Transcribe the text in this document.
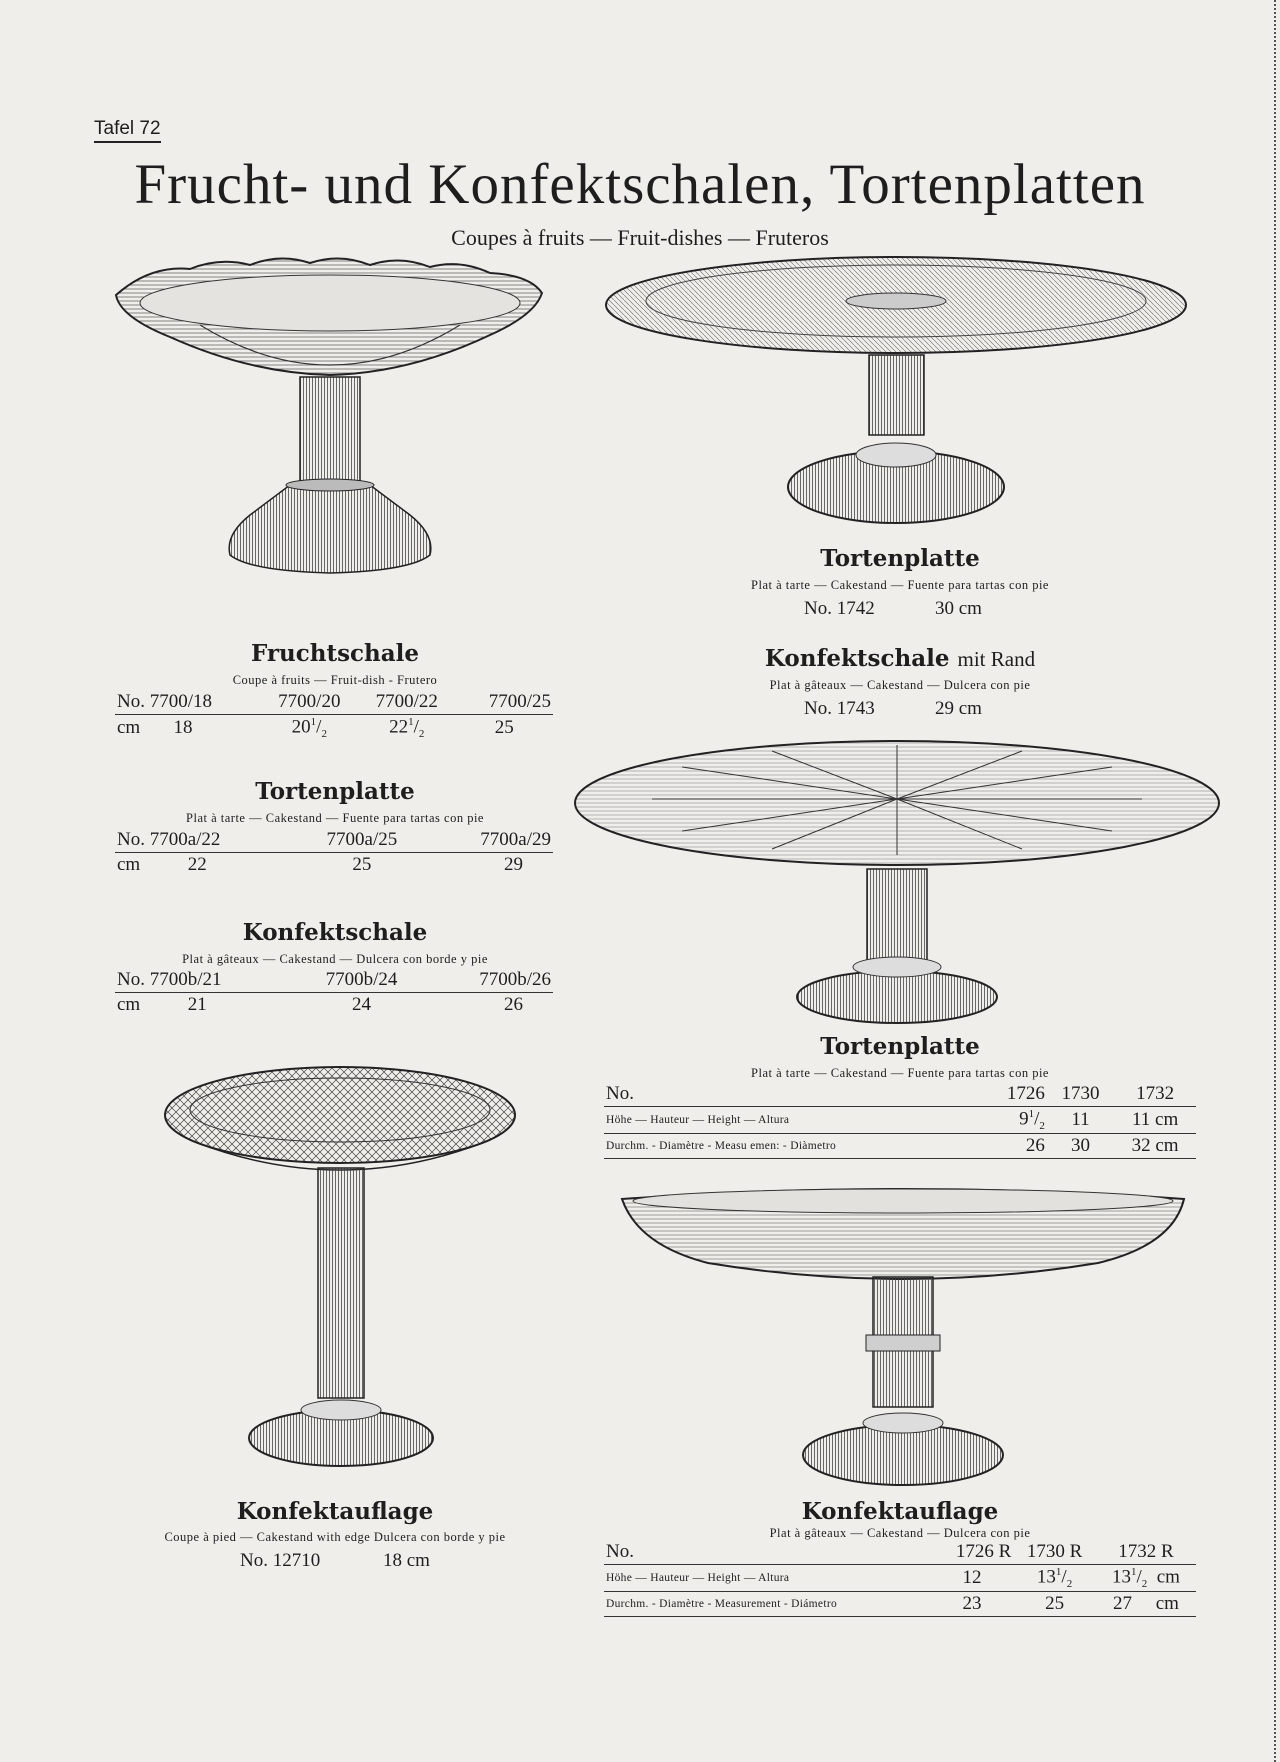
Tafel 72
Frucht- und Konfektschalen, Tortenplatten
Coupes à fruits — Fruit-dishes — Fruteros
Fruchtschale
Coupe à fruits — Fruit-dish - Frutero
No. 7700/18	7700/20	7700/22	7700/25
cm 18	$20^1/_2$	$22^1/_2$	25
Tortenplatte
Plat à tarte — Cakestand — Fuente para tartas con pie
No. 7700a/22	7700a/25	7700a/29
cm 22	25	29
Konfektschale
Plat à gâteaux — Cakestand — Dulcera con borde y pie
No. 7700b/21	7700b/24	7700b/26
cm 21	24	26
Konfektauflage
Coupe à pied — Cakestand with edge Dulcera con borde y pie
No. 12710	18 cm
Tortenplatte
Plat à tarte — Cakestand — Fuente para tartas con pie
No. 1742	30 cm
Konfektschale mit Rand
Plat à gâteaux — Cakestand — Dulcera con pie
No. 1743	29 cm
Tortenplatte
Plat à tarte — Cakestand — Fuente para tartas con pie
No.	1726	1730	1732
Höhe — Hauteur — Height — Altura	$9^1/_2$	11	11 cm
Durchm. - Diamètre - Measu emen: - Diàmetro	26	30	32 cm
Konfektauflage
Plat à gâteaux — Cakestand — Dulcera con pie
No.	1726 R	1730 R	1732 R
Höhe — Hauteur — Height — Altura	12	$13^1/_2$	$13^1/_2$ cm
Durchm. - Diamètre - Measurement - Diámetro	23	25	27 cm
